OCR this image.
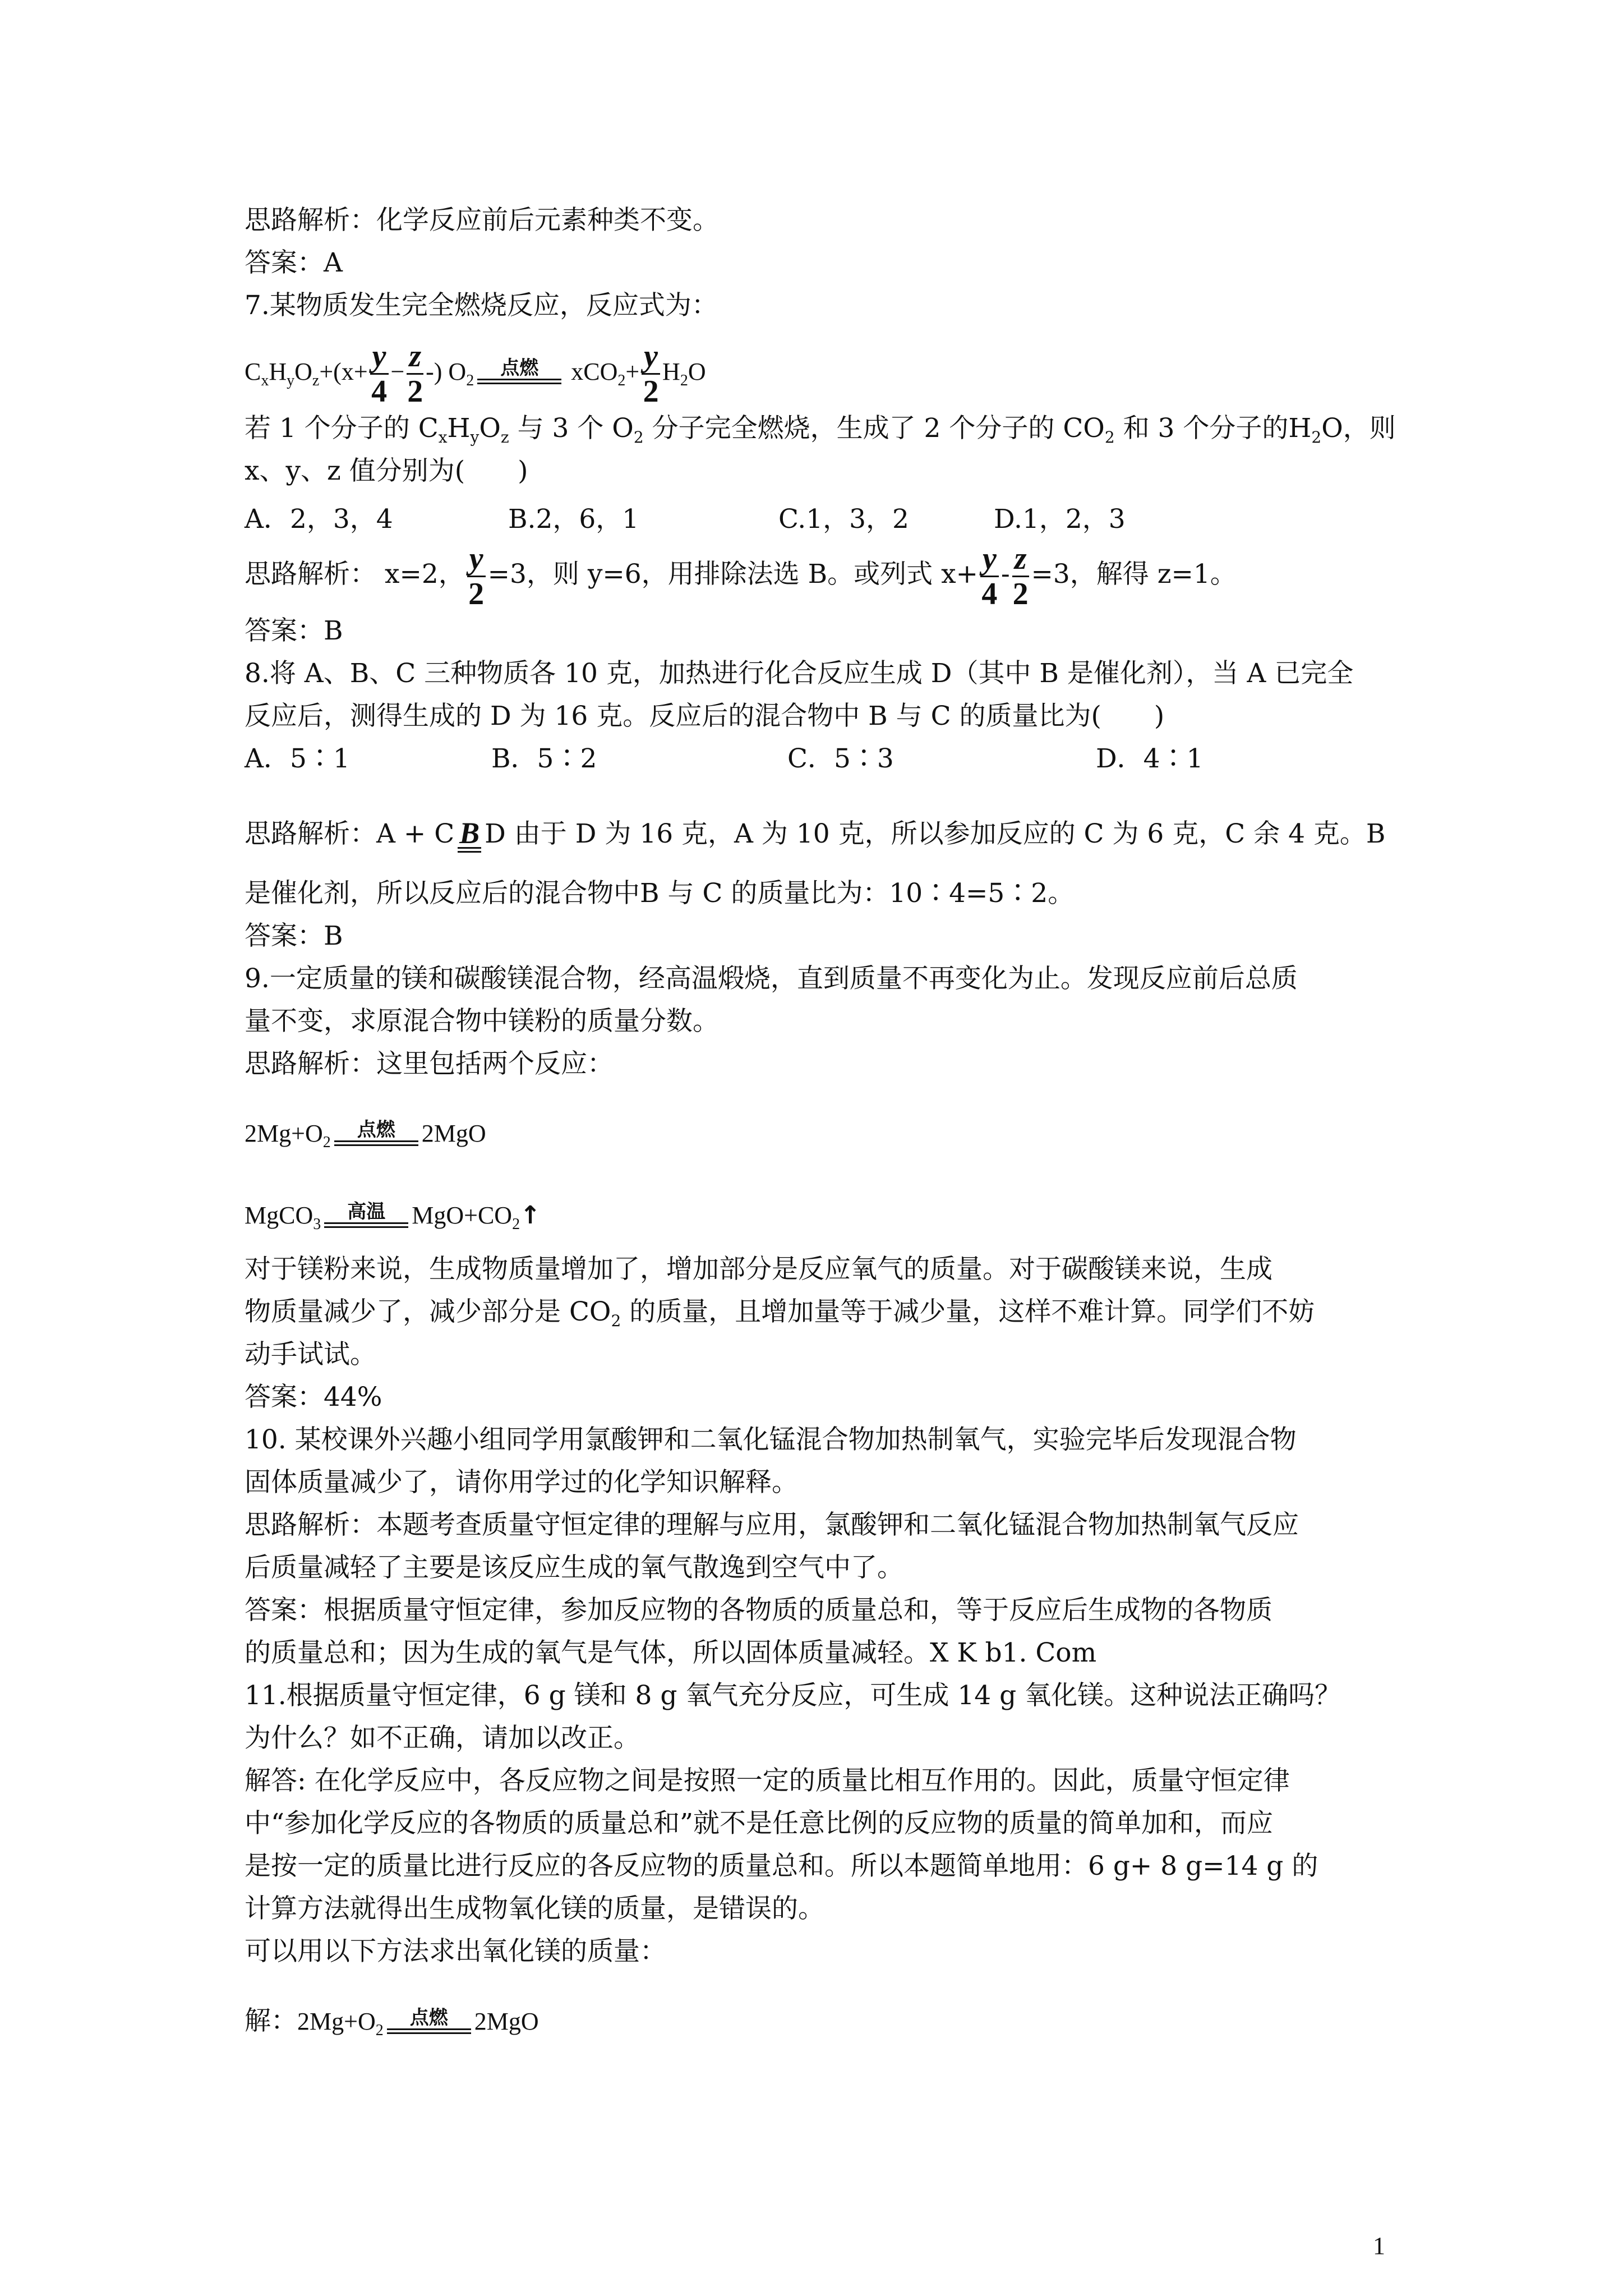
思路解析：化学反应前后元素种类不变。

答案：A

7.某物质发生完全燃烧反应，反应式为：

$C_xH_yO_z+(x+ \frac{y}{4} - \frac{z}{2}$ -) $O_2$
点燃	$xCO_2+ \frac{y}{2} H_2O$

若 1 个分子的 $C_xH_yO_z$ 与 3 个 $O_2$ 分子完全燃烧，生成了 2 个分子的 $CO_2$ 和 3 个分子的$H_2O$，则

x、y、z 值分别为(　　)

A．2，3，4	B.2，6，1	C.1，3，2	D.1，2，3

思路解析： x=2， $\frac{y}{2} =3$，则 y=6，用排除法选 B。或列式 $x+ \frac{y}{4} - \frac{z}{2} =3$，解得 z=1。

答案：B

8.将 A、B、C 三种物质各 10 克，加热进行化合反应生成 D（其中 B 是催化剂），当 A 已完全

反应后，测得生成的 D 为 16 克。反应后的混合物中 B 与 C 的质量比为(　　)

A．5∶1	B．5∶2	C．5∶3	D．4∶1

思路解析：A + C B D 由于 D 为 16 克，A 为 10 克，所以参加反应的 C 为 6 克，C 余 4 克。B

是催化剂，所以反应后的混合物中B 与 C 的质量比为：10∶4=5∶2。

答案：B

9.一定质量的镁和碳酸镁混合物，经高温煅烧，直到质量不再变化为止。发现反应前后总质

量不变，求原混合物中镁粉的质量分数。

思路解析：这里包括两个反应：

$2Mg+O_2$
点燃	2MgO

MgCO$_3$
高温	$MgO+CO_2↑$

对于镁粉来说，生成物质量增加了，增加部分是反应氧气的质量。对于碳酸镁来说，生成

物质量减少了，减少部分是 $CO_2$ 的质量，且增加量等于减少量，这样不难计算。同学们不妨

动手试试。

答案：44%

10. 某校课外兴趣小组同学用氯酸钾和二氧化锰混合物加热制氧气，实验完毕后发现混合物

固体质量减少了，请你用学过的化学知识解释。

思路解析：本题考查质量守恒定律的理解与应用，氯酸钾和二氧化锰混合物加热制氧气反应

后质量减轻了主要是该反应生成的氧气散逸到空气中了。

答案：根据质量守恒定律，参加反应物的各物质的质量总和，等于反应后生成物的各物质

的质量总和；因为生成的氧气是气体，所以固体质量减轻。X K b1. Com

11.根据质量守恒定律，6 g 镁和 8 g 氧气充分反应，可生成 14 g 氧化镁。这种说法正确吗？

为什么？如不正确，请加以改正。

解答: 在化学反应中，各反应物之间是按照一定的质量比相互作用的。因此，质量守恒定律

中“参加化学反应的各物质的质量总和”就不是任意比例的反应物的质量的简单加和，而应

是按一定的质量比进行反应的各反应物的质量总和。所以本题简单地用：6 g+ 8 g=14 g 的

计算方法就得出生成物氧化镁的质量，是错误的。

可以用以下方法求出氧化镁的质量：

解：$2Mg+O_2$
点燃	2MgO

1
